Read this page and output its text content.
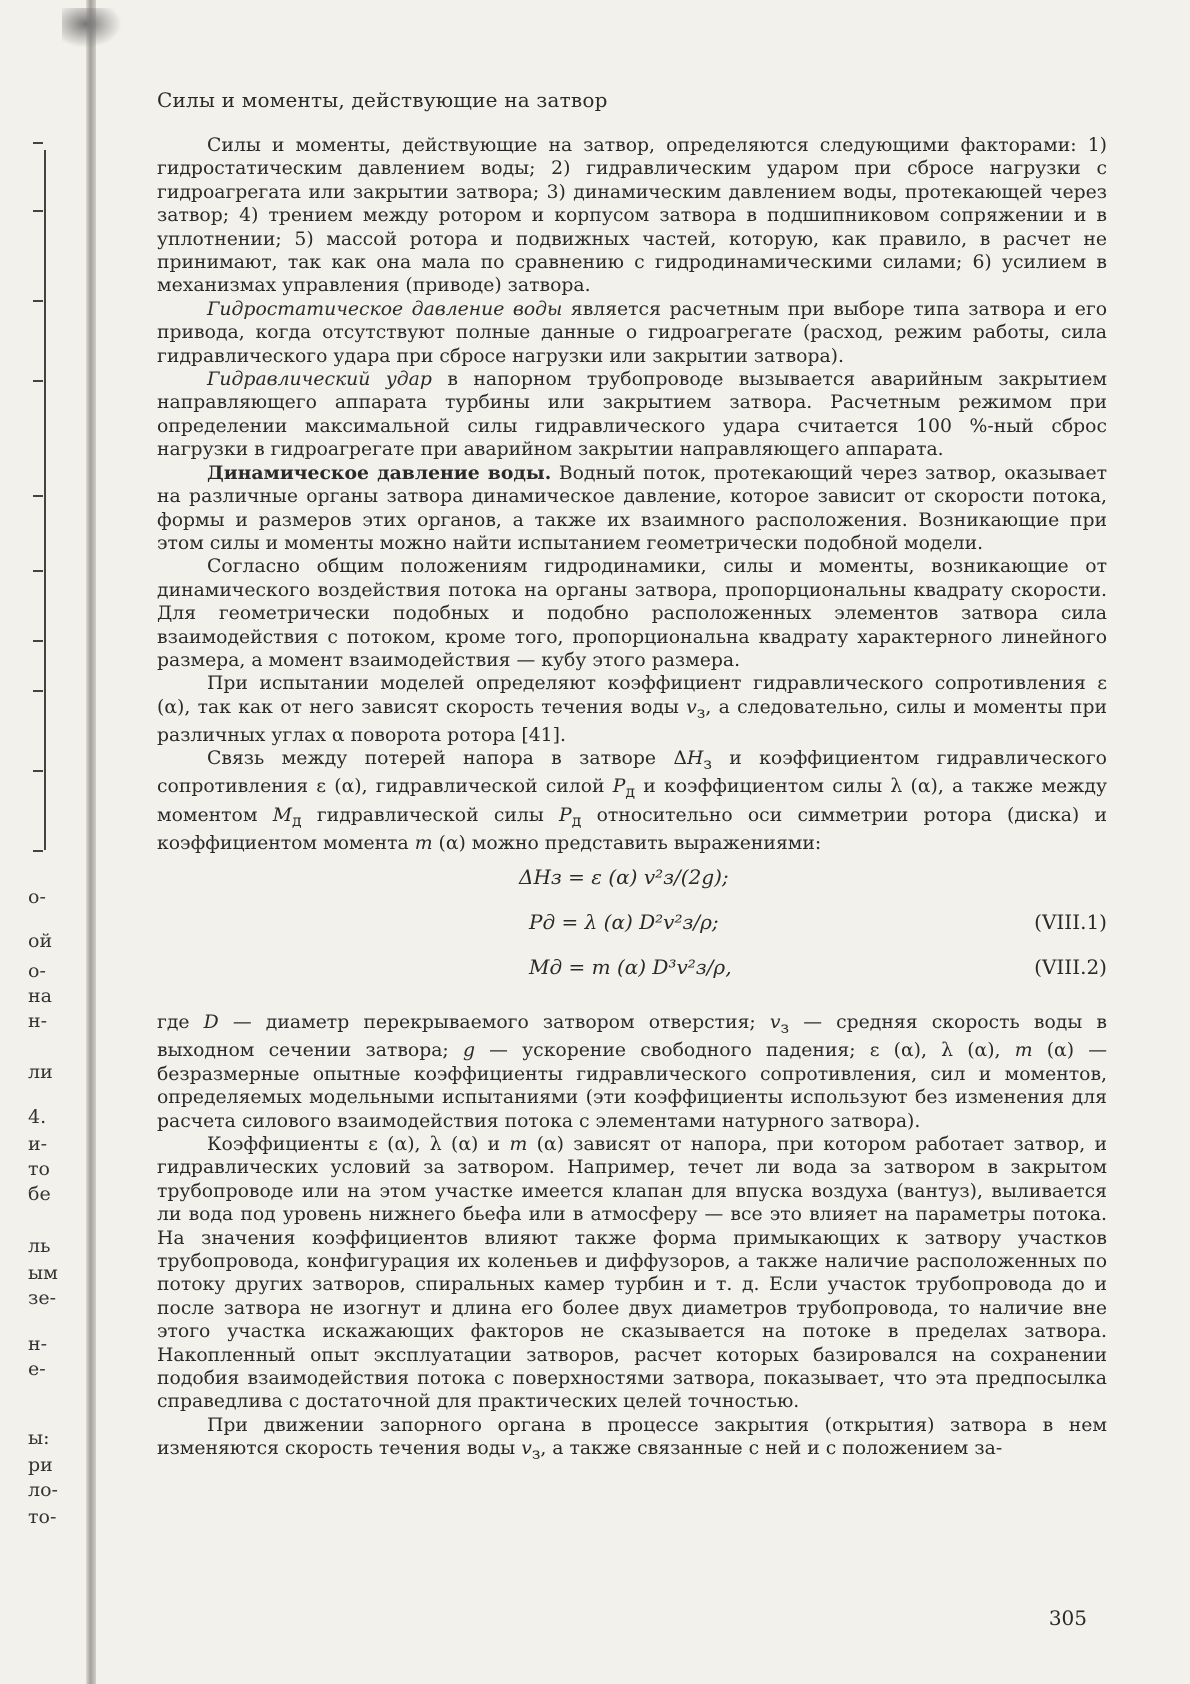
о-
ой
о-
на
н-
ли
4.
и-
то
бе
ль
ым
зе-
н-
е-
ы:
ри
ло-
то-
Силы и моменты, действующие на затвор

Силы и моменты, действующие на затвор, определяются следующими факторами: 1) гидростатическим давлением воды; 2) гидравлическим ударом при сбросе нагрузки с гидроагрегата или закрытии затвора; 3) динамическим давлением воды, протекающей через затвор; 4) трением между ротором и корпусом затвора в подшипниковом сопряжении и в уплотнении; 5) массой ротора и подвижных частей, которую, как правило, в расчет не принимают, так как она мала по сравнению с гидродинамическими силами; 6) усилием в механизмах управления (приводе) затвора.

Гидростатическое давление воды является расчетным при выборе типа затвора и его привода, когда отсутствуют полные данные о гидроагрегате (расход, режим работы, сила гидравлического удара при сбросе нагрузки или закрытии затвора).

Гидравлический удар в напорном трубопроводе вызывается аварийным закрытием направляющего аппарата турбины или закрытием затвора. Расчетным режимом при определении максимальной силы гидравлического удара считается 100 %-ный сброс нагрузки в гидроагрегате при аварийном закрытии направляющего аппарата.

Динамическое давление воды. Водный поток, протекающий через затвор, оказывает на различные органы затвора динамическое давление, которое зависит от скорости потока, формы и размеров этих органов, а также их взаимного расположения. Возникающие при этом силы и моменты можно найти испытанием геометрически подобной модели.

Согласно общим положениям гидродинамики, силы и моменты, возникающие от динамического воздействия потока на органы затвора, пропорциональны квадрату скорости. Для геометрически подобных и подобно расположенных элементов затвора сила взаимодействия с потоком, кроме того, пропорциональна квадрату характерного линейного размера, а момент взаимодействия — кубу этого размера.

При испытании моделей определяют коэффициент гидравлического сопротивления ε (α), так как от него зависят скорость течения воды $v_з$, а следовательно, силы и моменты при различных углах α поворота ротора [41].

Связь между потерей напора в затворе $\Delta H_з$ и коэффициентом гидравлического сопротивления ε (α), гидравлической силой $P_д$ и коэффициентом силы λ (α), а также между моментом $M_д$ гидравлической силы $P_д$ относительно оси симметрии ротора (диска) и коэффициентом момента m (α) можно представить выражениями:

ΔHз = ε (α) v²з/(2g);
Pд = λ (α) D²v²з/ρ;	(VIII.1)
Mд = m (α) D³v²з/ρ,	(VIII.2)

где D — диаметр перекрываемого затвором отверстия; $v_з$ — средняя скорость воды в выходном сечении затвора; g — ускорение свободного падения; ε (α), λ (α), m (α) — безразмерные опытные коэффициенты гидравлического сопротивления, сил и моментов, определяемых модельными испытаниями (эти коэффициенты используют без изменения для расчета силового взаимодействия потока с элементами натурного затвора).

Коэффициенты ε (α), λ (α) и m (α) зависят от напора, при котором работает затвор, и гидравлических условий за затвором. Например, течет ли вода за затвором в закрытом трубопроводе или на этом участке имеется клапан для впуска воздуха (вантуз), выливается ли вода под уровень нижнего бьефа или в атмосферу — все это влияет на параметры потока. На значения коэффициентов влияют также форма примыкающих к затвору участков трубопровода, конфигурация их коленьев и диффузоров, а также наличие расположенных по потоку других затворов, спиральных камер турбин и т. д. Если участок трубопровода до и после затвора не изогнут и длина его более двух диаметров трубопровода, то наличие вне этого участка искажающих факторов не сказывается на потоке в пределах затвора. Накопленный опыт эксплуатации затворов, расчет которых базировался на сохранении подобия взаимодействия потока с поверхностями затвора, показывает, что эта предпосылка справедлива с достаточной для практических целей точностью.

При движении запорного органа в процессе закрытия (открытия) затвора в нем изменяются скорость течения воды $v_з$, а также связанные с ней и с положением за-

305
